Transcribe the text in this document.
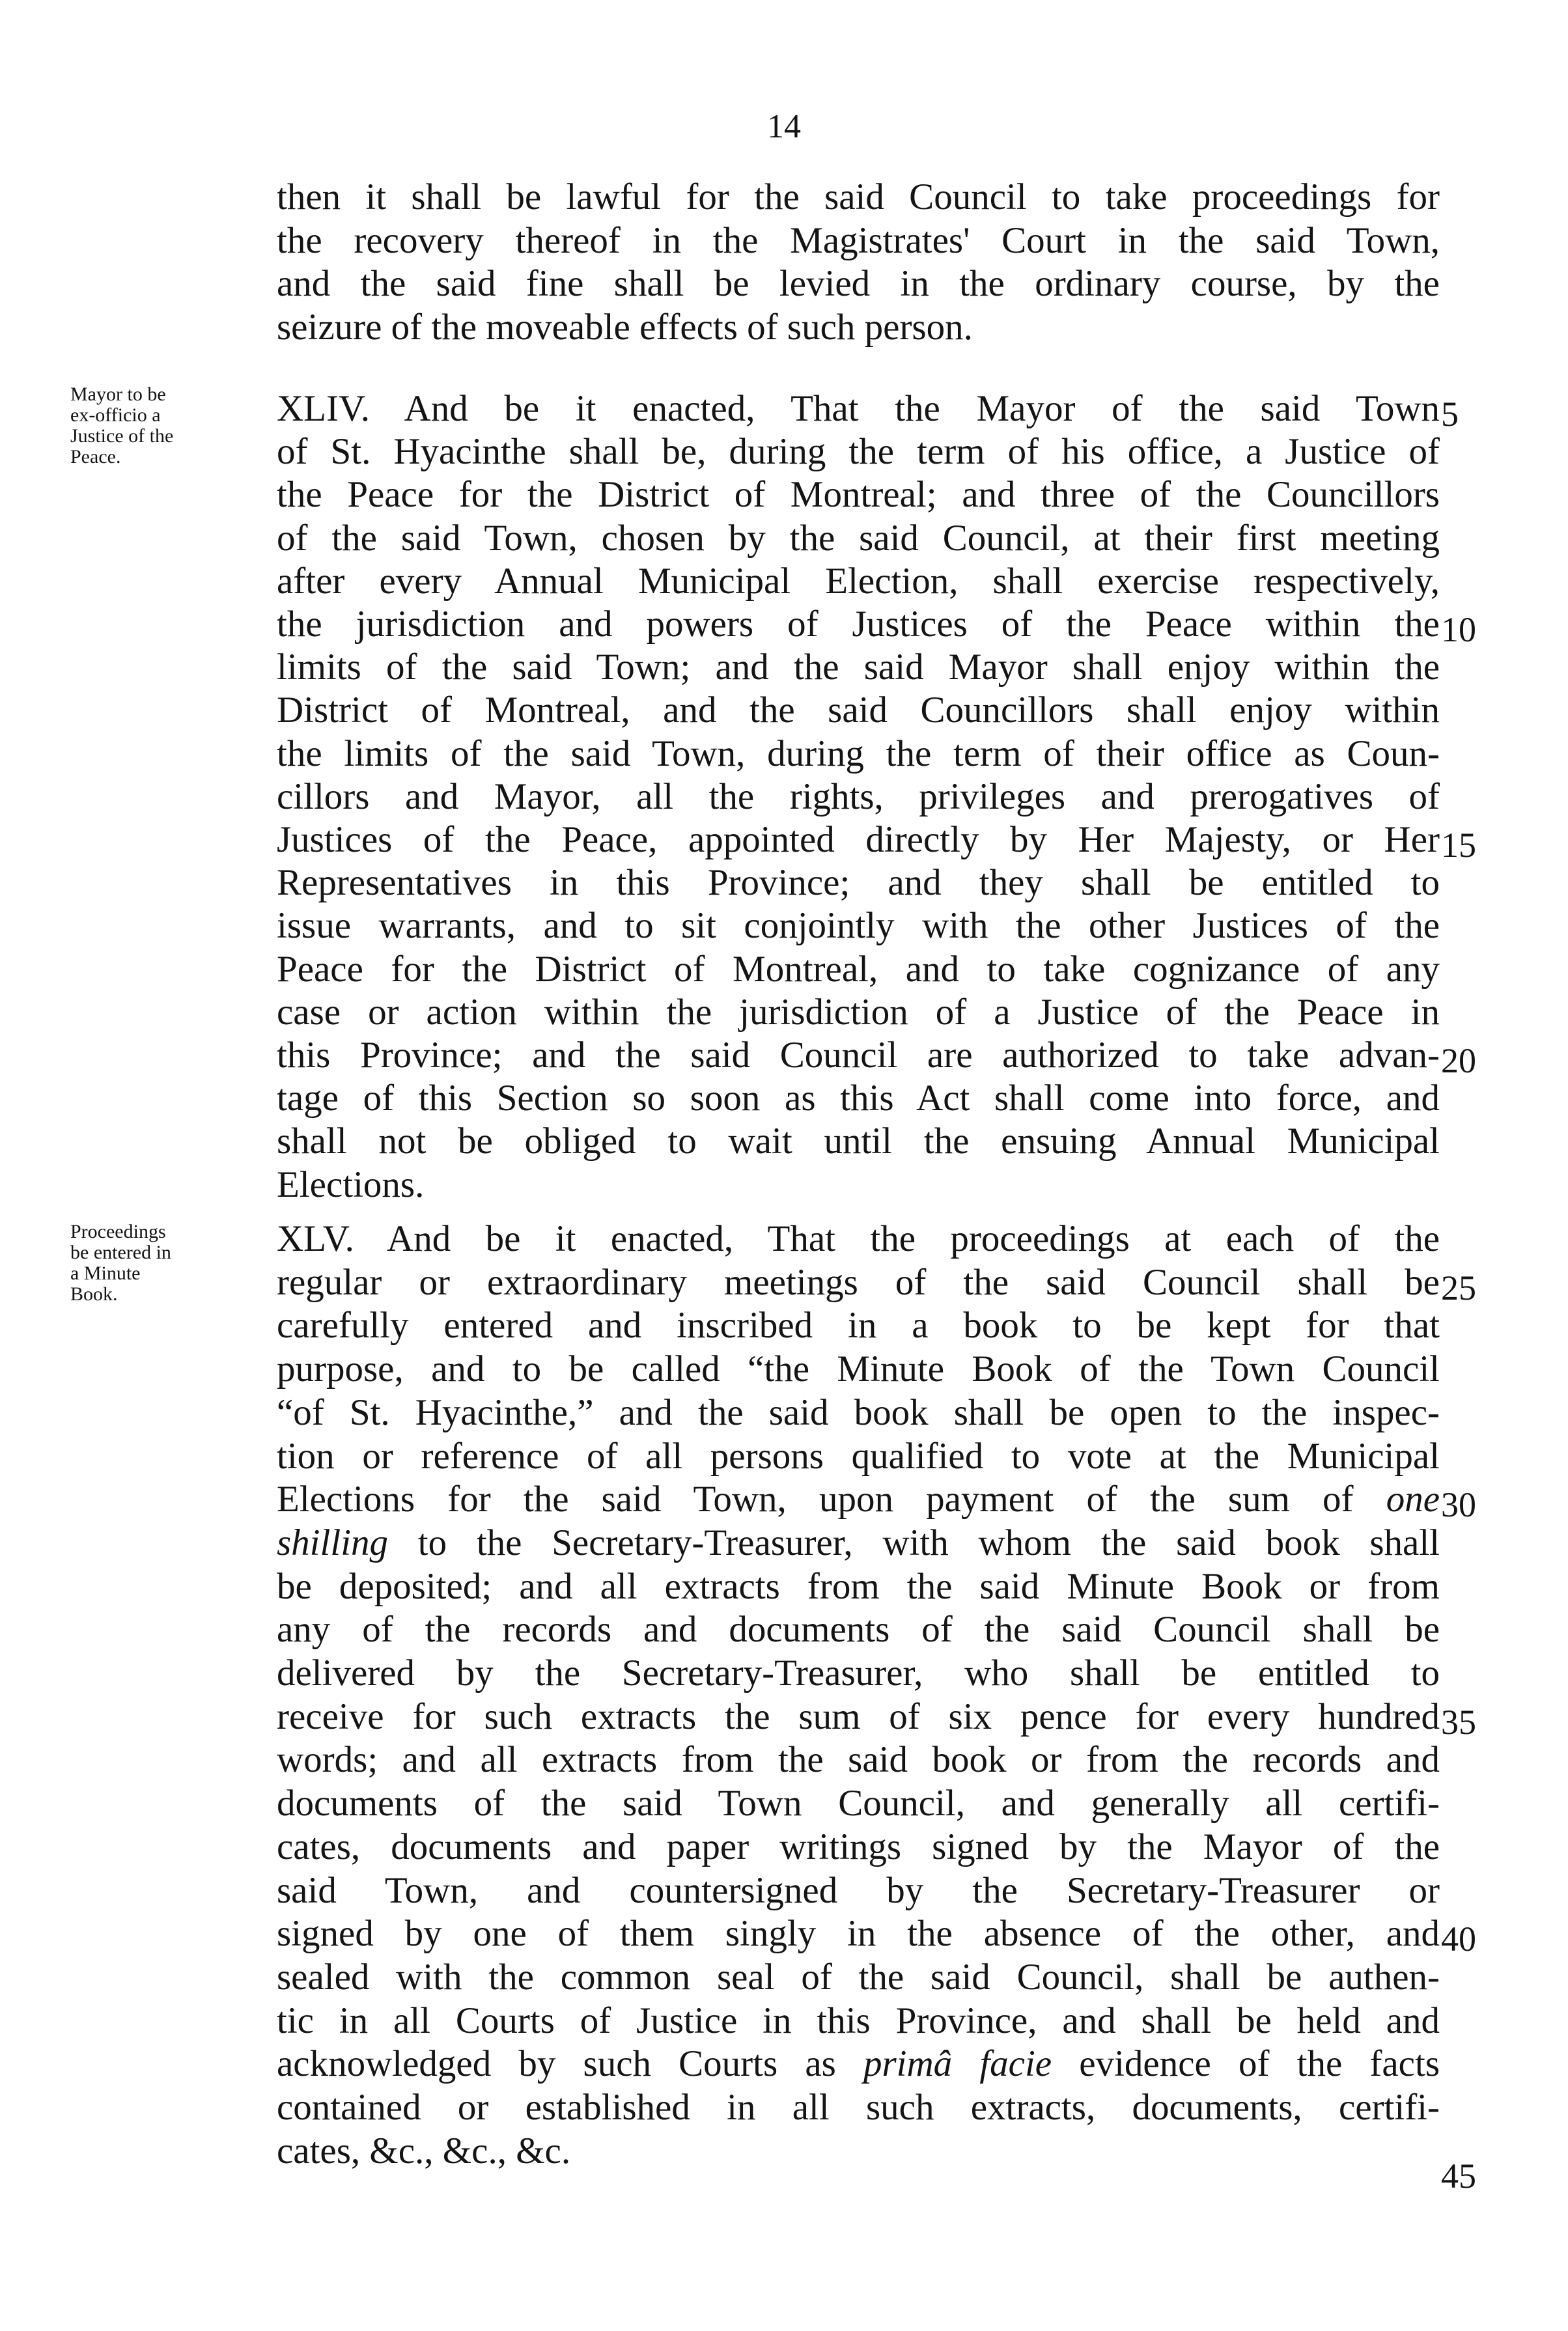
14
then it shall be lawful for the said Council to take proceedings for
the recovery thereof in the Magistrates' Court in the said Town,
and the said fine shall be levied in the ordinary course, by the
seizure of the moveable effects of such person.
XLIV. And be it enacted, That the Mayor of the said Town
of St. Hyacinthe shall be, during the term of his office, a Justice of
the Peace for the District of Montreal; and three of the Councillors
of the said Town, chosen by the said Council, at their first meeting
after every Annual Municipal Election, shall exercise respectively,
the jurisdiction and powers of Justices of the Peace within the
limits of the said Town; and the said Mayor shall enjoy within the
District of Montreal, and the said Councillors shall enjoy within
the limits of the said Town, during the term of their office as Coun-
cillors and Mayor, all the rights, privileges and prerogatives of
Justices of the Peace, appointed directly by Her Majesty, or Her
Representatives in this Province; and they shall be entitled to
issue warrants, and to sit conjointly with the other Justices of the
Peace for the District of Montreal, and to take cognizance of any
case or action within the jurisdiction of a Justice of the Peace in
this Province; and the said Council are authorized to take advan-
tage of this Section so soon as this Act shall come into force, and
shall not be obliged to wait until the ensuing Annual Municipal
Elections.
Mayor to be
ex-officio a
Justice of the
Peace.
XLV. And be it enacted, That the proceedings at each of the
regular or extraordinary meetings of the said Council shall be
carefully entered and inscribed in a book to be kept for that
purpose, and to be called “the Minute Book of the Town Council
“of St. Hyacinthe,” and the said book shall be open to the inspec-
tion or reference of all persons qualified to vote at the Municipal
Elections for the said Town, upon payment of the sum of one
shilling to the Secretary-Treasurer, with whom the said book shall
be deposited; and all extracts from the said Minute Book or from
any of the records and documents of the said Council shall be
delivered by the Secretary-Treasurer, who shall be entitled to
receive for such extracts the sum of six pence for every hundred
words; and all extracts from the said book or from the records and
documents of the said Town Council, and generally all certifi-
cates, documents and paper writings signed by the Mayor of the
said Town, and countersigned by the Secretary-Treasurer or
signed by one of them singly in the absence of the other, and
sealed with the common seal of the said Council, shall be authen-
tic in all Courts of Justice in this Province, and shall be held and
acknowledged by such Courts as primâ facie evidence of the facts
contained or established in all such extracts, documents, certifi-
cates, &c., &c., &c.
Proceedings
be entered in
a Minute
Book.
5
10
15
20
25
30
35
40
45
